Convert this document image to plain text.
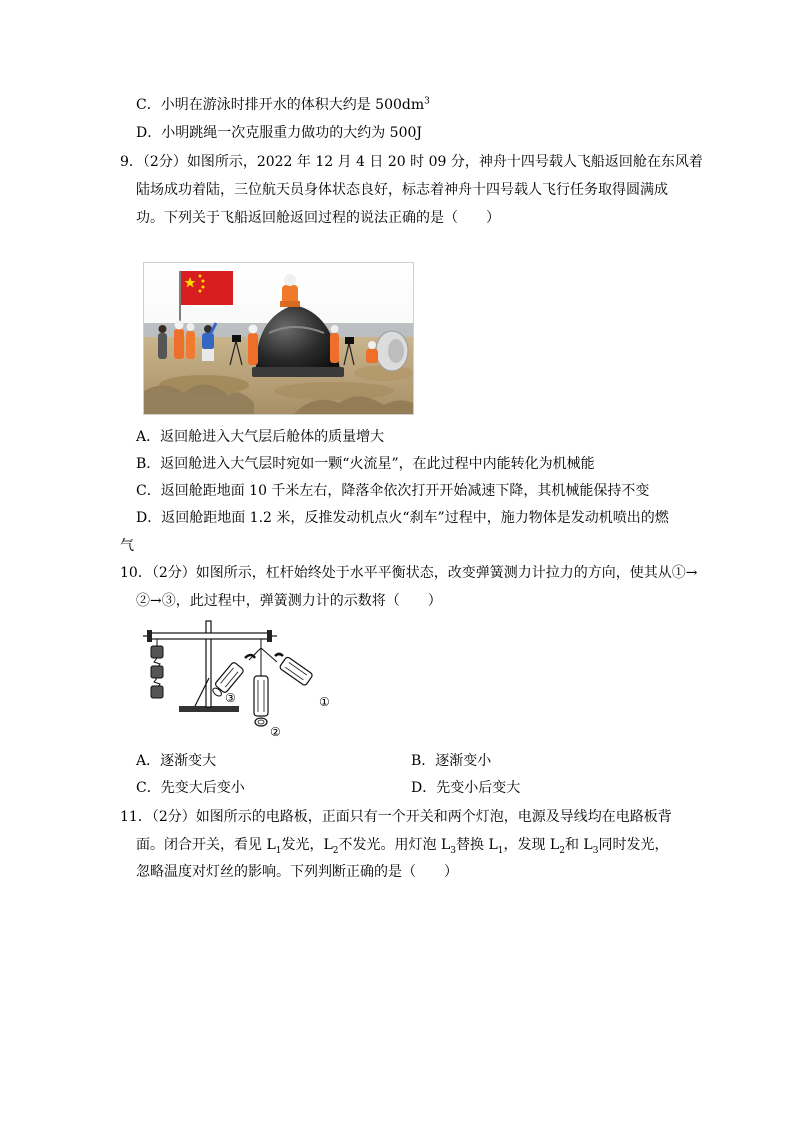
C．小明在游泳时排开水的体积大约是 $500dm^3$
D．小明跳绳一次克服重力做功的大约为 500J
9．（2分）如图所示，2022 年 12 月 4 日 20 时 09 分，神舟十四号载人飞船返回舱在东风着
陆场成功着陆，三位航天员身体状态良好，标志着神舟十四号载人飞行任务取得圆满成
功。下列关于飞船返回舱返回过程的说法正确的是（　　）
A．返回舱进入大气层后舱体的质量增大
B．返回舱进入大气层时宛如一颗“火流星”，在此过程中内能转化为机械能
C．返回舱距地面 10 千米左右，降落伞依次打开开始减速下降，其机械能保持不变
D．返回舱距地面 1.2 米，反推发动机点火“刹车”过程中，施力物体是发动机喷出的燃
气
10．（2分）如图所示，杠杆始终处于水平平衡状态，改变弹簧测力计拉力的方向，使其从①→
②→③，此过程中，弹簧测力计的示数将（　　）
①
②
③
A．逐渐变大	B．逐渐变小
C．先变大后变小	D．先变小后变大
11．（2分）如图所示的电路板，正面只有一个开关和两个灯泡，电源及导线均在电路板背
面。闭合开关，看见 $L_1$发光，$L_2$不发光。用灯泡 $L_3$替换 $L_1$，发现 $L_2$和 $L_3$同时发光，
忽略温度对灯丝的影响。下列判断正确的是（　　）
